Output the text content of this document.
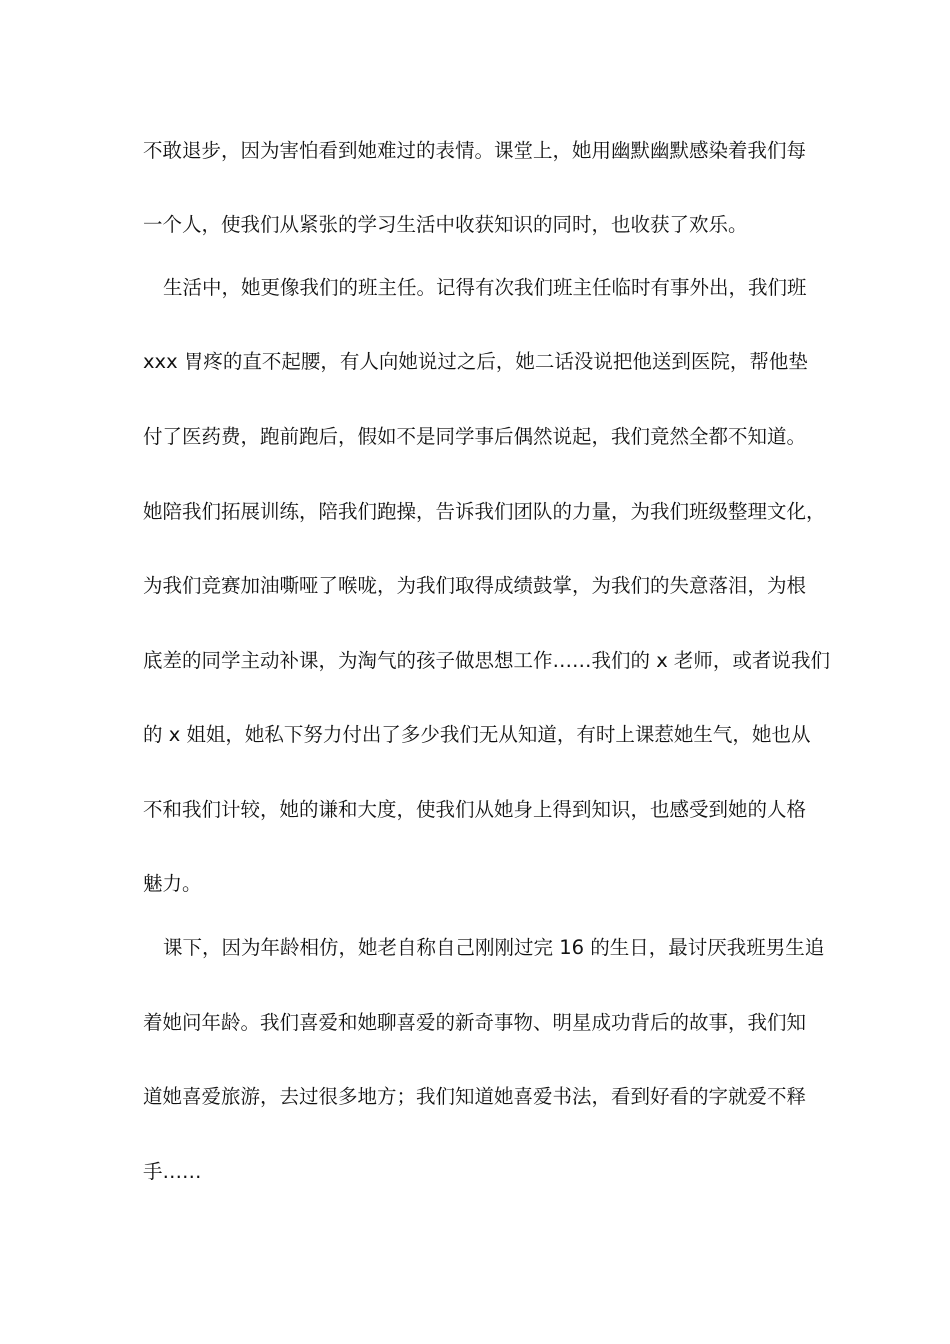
不敢退步，因为害怕看到她难过的表情。课堂上，她用幽默幽默感染着我们每
一个人，使我们从紧张的学习生活中收获知识的同时，也收获了欢乐。
生活中，她更像我们的班主任。记得有次我们班主任临时有事外出，我们班
xxx 胃疼的直不起腰，有人向她说过之后，她二话没说把他送到医院，帮他垫
付了医药费，跑前跑后，假如不是同学事后偶然说起，我们竟然全都不知道。
她陪我们拓展训练，陪我们跑操，告诉我们团队的力量，为我们班级整理文化，
为我们竞赛加油嘶哑了喉咙，为我们取得成绩鼓掌，为我们的失意落泪，为根
底差的同学主动补课，为淘气的孩子做思想工作……我们的 x 老师，或者说我们
的 x 姐姐，她私下努力付出了多少我们无从知道，有时上课惹她生气，她也从
不和我们计较，她的谦和大度，使我们从她身上得到知识，也感受到她的人格
魅力。
课下，因为年龄相仿，她老自称自己刚刚过完 16 的生日，最讨厌我班男生追
着她问年龄。我们喜爱和她聊喜爱的新奇事物、明星成功背后的故事，我们知
道她喜爱旅游，去过很多地方；我们知道她喜爱书法，看到好看的字就爱不释
手……
